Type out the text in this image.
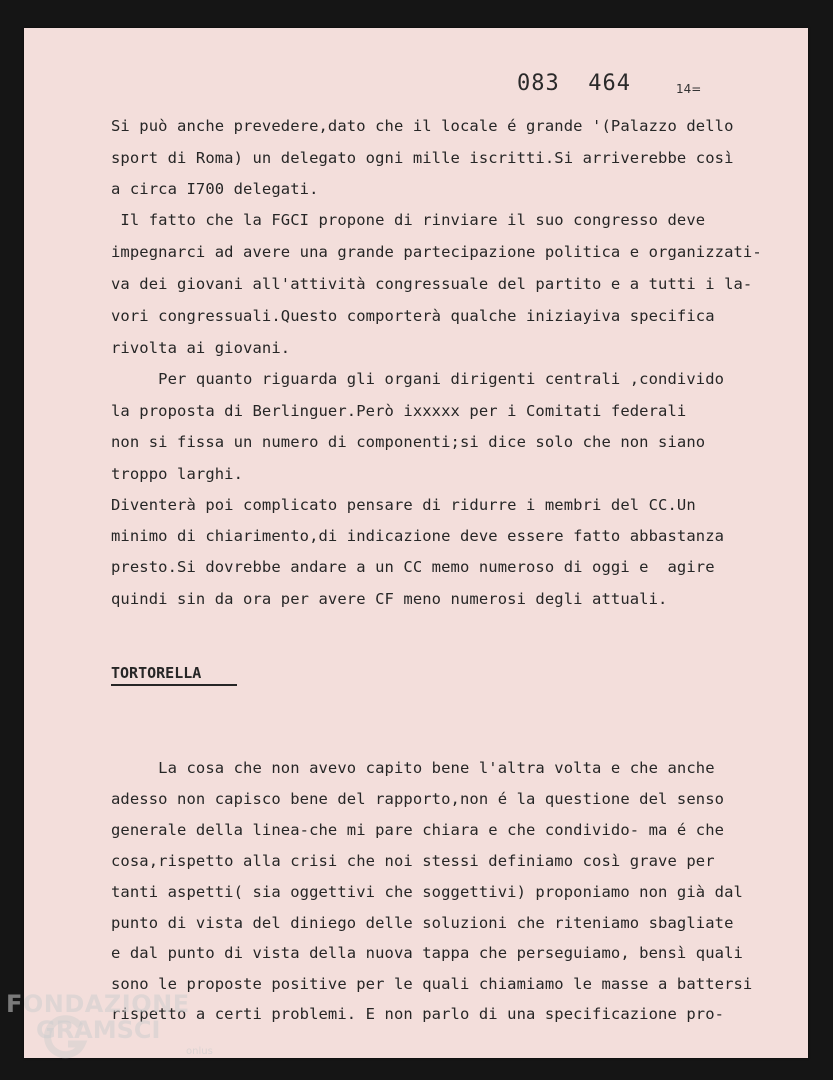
083  464	14=
Si può anche prevedere,dato che il locale é grande '(Palazzo dello
sport di Roma) un delegato ogni mille iscritti.Si arriverebbe così
a circa I700 delegati.
Il fatto che la FGCI propone di rinviare il suo congresso deve
impegnarci ad avere una grande partecipazione politica e organizzati-
va dei giovani all'attività congressuale del partito e a tutti i la-
vori congressuali.Questo comporterà qualche iniziayiva specifica
rivolta ai giovani.
Per quanto riguarda gli organi dirigenti centrali ,condivido
la proposta di Berlinguer.Però ixxxxx per i Comitati federali
non si fissa un numero di componenti;si dice solo che non siano
troppo larghi.
Diventerà poi complicato pensare di ridurre i membri del CC.Un
minimo di chiarimento,di indicazione deve essere fatto abbastanza
presto.Si dovrebbe andare a un CC memo numeroso di oggi e  agire
quindi sin da ora per avere CF meno numerosi degli attuali.
TORTORELLA
La cosa che non avevo capito bene l'altra volta e che anche
adesso non capisco bene del rapporto,non é la questione del senso
generale della linea-che mi pare chiara e che condivido- ma é che
cosa,rispetto alla crisi che noi stessi definiamo così grave per
tanti aspetti( sia oggettivi che soggettivi) proponiamo non già dal
punto di vista del diniego delle soluzioni che riteniamo sbagliate
e dal punto di vista della nuova tappa che perseguiamo, bensì quali
sono le proposte positive per le quali chiamiamo le masse a battersi
rispetto a certi problemi. E non parlo di una specificazione pro-
FONDAZIONE
GRAMSCI
onlus
